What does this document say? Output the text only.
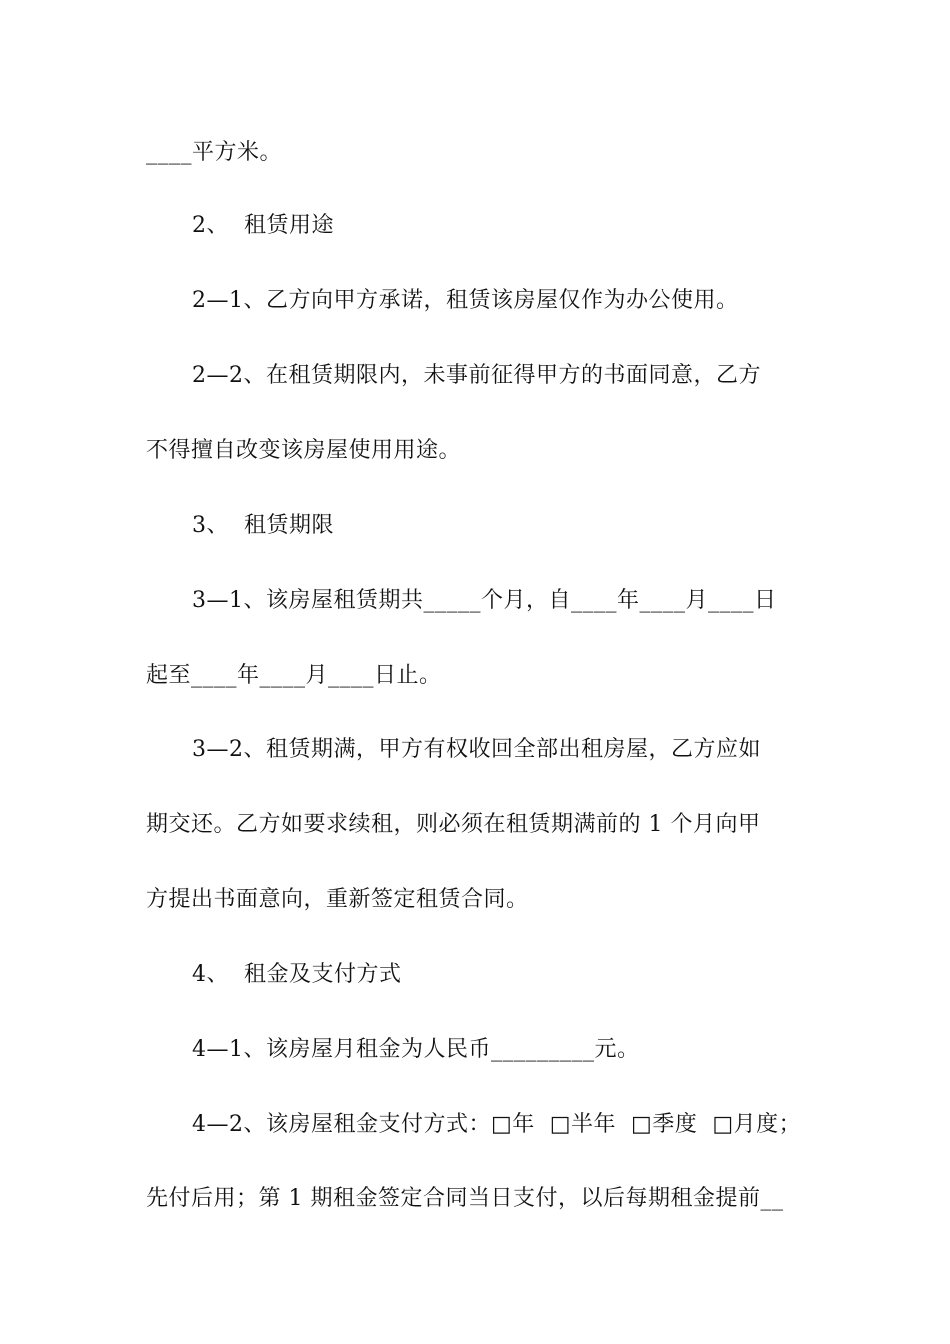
____平方米。
2、  租赁用途
2—1、乙方向甲方承诺，租赁该房屋仅作为办公使用。
2—2、在租赁期限内，未事前征得甲方的书面同意，乙方
不得擅自改变该房屋使用用途。
3、  租赁期限
3—1、该房屋租赁期共_____个月，自____年____月____日
起至____年____月____日止。
3—2、租赁期满，甲方有权收回全部出租房屋，乙方应如
期交还。乙方如要求续租，则必须在租赁期满前的 1 个月向甲
方提出书面意向，重新签定租赁合同。
4、  租金及支付方式
4—1、该房屋月租金为人民币_________元。
4—2、该房屋租金支付方式：□年  □半年  □季度  □月度；
先付后用；第 1 期租金签定合同当日支付，以后每期租金提前__
